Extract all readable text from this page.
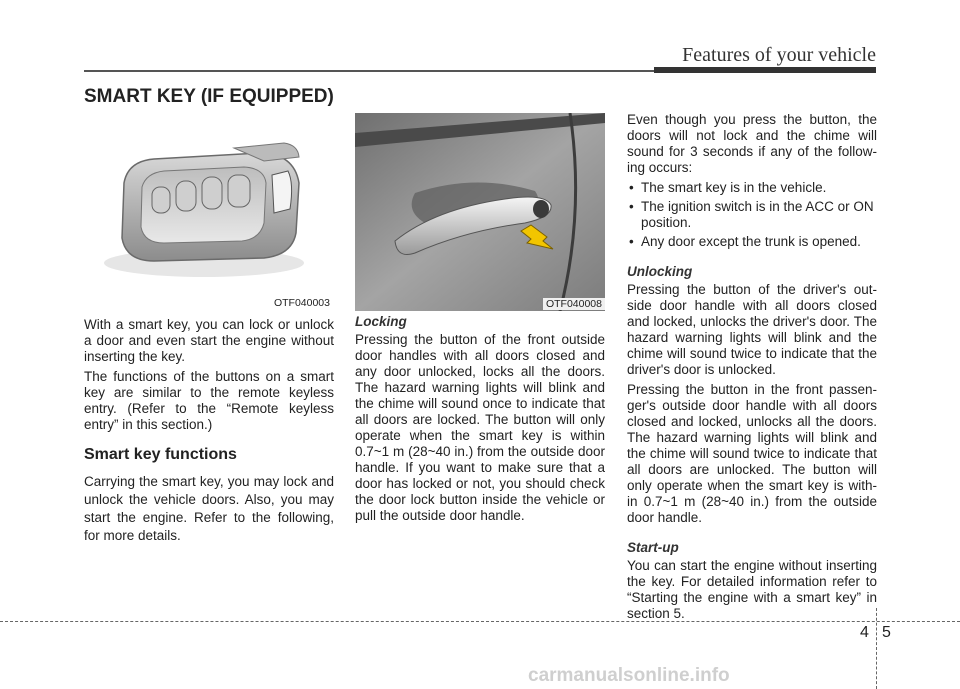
Features of your vehicle
SMART KEY (IF EQUIPPED)
OTF040003	OTF040008

With a smart key, you can lock or unlock a door and even start the engine without inserting the key.

The functions of the buttons on a smart key are similar to the remote keyless entry. (Refer to the “Remote keyless entry” in this section.)

Smart key functions

Carrying the smart key, you may lock and unlock the vehicle doors. Also, you may start the engine. Refer to the following, for more details.

Locking

Pressing the button of the front outside door handles with all doors closed and any door unlocked, locks all the doors. The hazard warning lights will blink and the chime will sound once to indicate that all doors are locked. The button will only operate when the smart key is within 0.7~1 m (28~40 in.) from the outside door handle. If you want to make sure that a door has locked or not, you should check the door lock button inside the vehicle or pull the outside door handle.

Even though you press the button, the doors will not lock and the chime will sound for 3 seconds if any of the follow-ing occurs:

• The smart key is in the vehicle.
• The ignition switch is in the ACC or ON position.
• Any door except the trunk is opened.
Unlocking

Pressing the button of the driver's out-side door handle with all doors closed and locked, unlocks the driver's door. The hazard warning lights will blink and the chime will sound twice to indicate that the driver's door is unlocked.

Pressing the button in the front passen-ger's outside door handle with all doors closed and locked, unlocks all the doors. The hazard warning lights will blink and the chime will sound twice to indicate that all doors are unlocked. The button will only operate when the smart key is with-in 0.7~1 m (28~40 in.) from the outside door handle.

Start-up

You can start the engine without inserting the key. For detailed information refer to “Starting the engine with a smart key” in section 5.

4 5
carmanualsonline.info
